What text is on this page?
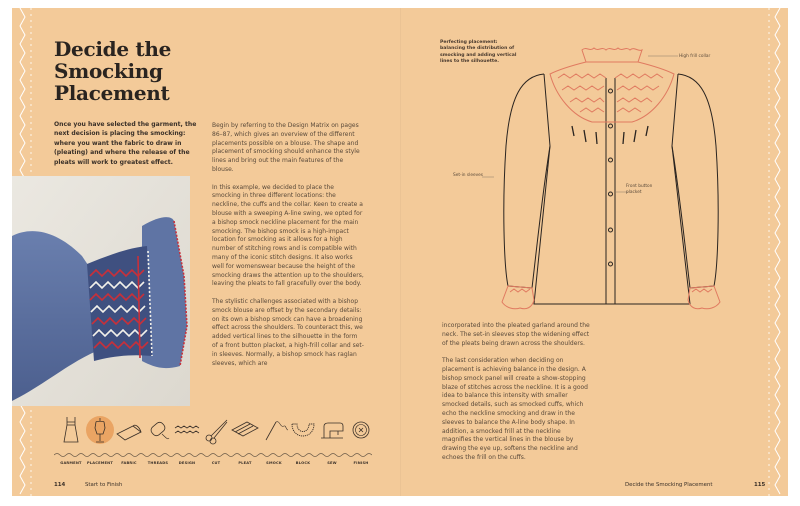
Decide the
Smocking
Placement
Once you have selected the garment, the next decision is placing the smocking: where you want the fabric to draw in (pleating) and where the release of the pleats will work to greatest effect.

Begin by referring to the Design Matrix on pages 86–87, which gives an overview of the different placements possible on a blouse. The shape and placement of smocking should enhance the style lines and bring out the main features of the blouse.

In this example, we decided to place the smocking in three different locations: the neckline, the cuffs and the collar. Keen to create a blouse with a sweeping A-line swing, we opted for a bishop smock neckline placement for the main smocking. The bishop smock is a high-impact location for smocking as it allows for a high number of stitching rows and is compatible with many of the iconic stitch designs. It also works well for womenswear because the height of the smocking draws the attention up to the shoulders, leaving the pleats to fall gracefully over the body.

The stylistic challenges associated with a bishop smock blouse are offset by the secondary details: on its own a bishop smock can have a broadening effect across the shoulders. To counteract this, we added vertical lines to the silhouette in the form of a front button placket, a high-frill collar and set-in sleeves. Normally, a bishop smock has raglan sleeves, which are

GARMENT	PLACEMENT	FABRIC	THREADS	DESIGN	CUT	PLEAT	SMOCK	BLOCK	SEW	FINISH
114	Start to Finish
Perfecting placement: balancing the distribution of smocking and adding vertical lines to the silhouette.
High frill collar
Set-in sleeves
Front button placket

incorporated into the pleated garland around the neck. The set-in sleeves stop the widening effect of the pleats being drawn across the shoulders.

The last consideration when deciding on placement is achieving balance in the design. A bishop smock panel will create a show-stopping blaze of stitches across the neckline. It is a good idea to balance this intensity with smaller smocked details, such as smocked cuffs, which echo the neckline smocking and draw in the sleeves to balance the A-line body shape. In addition, a smocked frill at the neckline magnifies the vertical lines in the blouse by drawing the eye up, softens the neckline and echoes the frill on the cuffs.

Decide the Smocking Placement	115
